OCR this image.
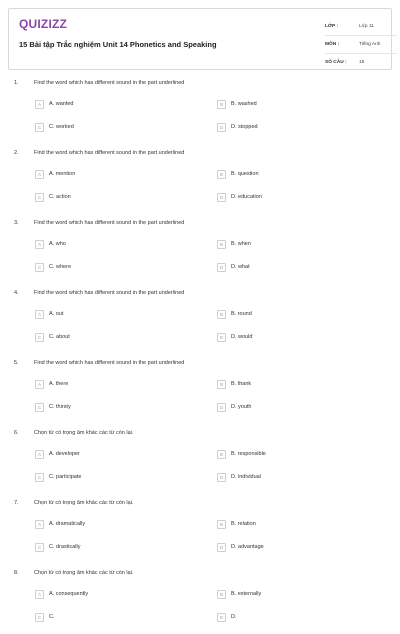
QUIZIZZ
15 Bài tập Trắc nghiệm Unit 14 Phonetics and Speaking
LỚP :	Lớp 11
MÔN :	Tiếng Anh
SỐ CÂU :	15
1.	Find the word which has different sound in the part underlined
A	A. wanted	B	B. washed
C	C. worked	D	D. stopped
2.	Find the word which has different sound in the part underlined
A	A. mention	B	B. question
C	C. action	D	D. education
3.	Find the word which has different sound in the part underlined
A	A. who	B	B. when
C	C. where	D	D. what
4.	Find the word which has different sound in the part underlined
A	A. out	B	B. round
C	C. about	D	D. would
5.	Find the word which has different sound in the part underlined
A	A. there	B	B. thank
C	C. thirsty	D	D. youth
6.	Chọn từ có trọng âm khác các từ còn lại.
A	A. developer	B	B. responsible
C	C. participate	D	D. individual
7.	Chọn từ có trọng âm khác các từ còn lại.
A	A. dramatically	B	B. relation
C	C. drastically	D	D. advantage
8.	Chọn từ có trọng âm khác các từ còn lại.
A	A. consequently	B	B. externally
C	C.	D	D.
